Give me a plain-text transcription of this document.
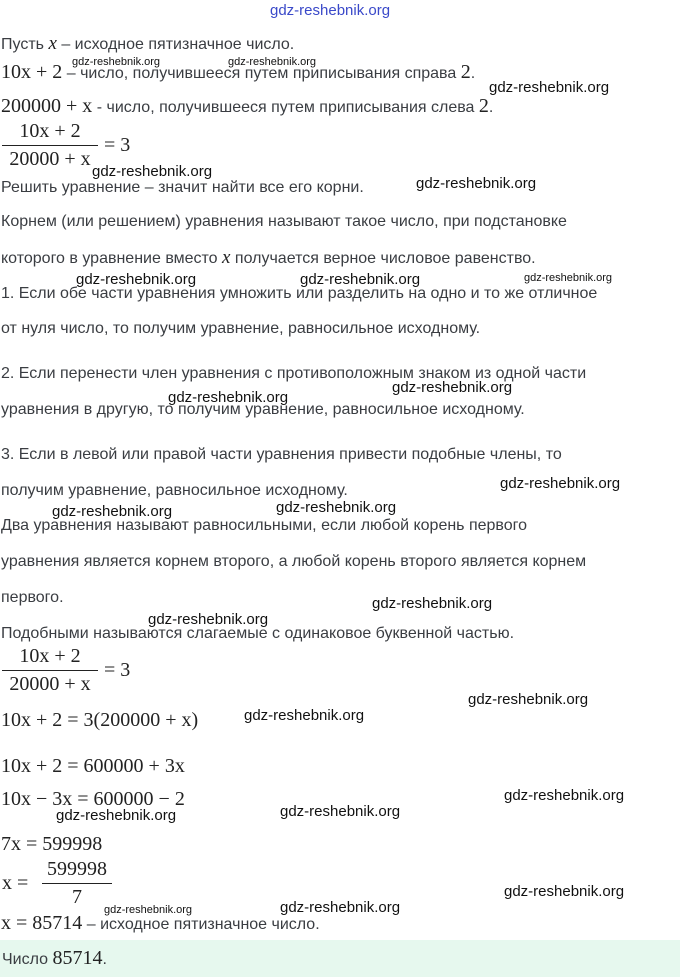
gdz-reshebnik.org
Пусть x – исходное пятизначное число.
10x + 2 – число, получившееся путем приписывания справа 2.
200000 + x - число, получившееся путем приписывания слева 2.
10x + 2
20000 + x
= 3
Решить уравнение – значит найти все его корни.
Корнем (или решением) уравнения называют такое число, при подстановке
которого в уравнение вместо x получается верное числовое равенство.
1. Если обе части уравнения умножить или разделить на одно и то же отличное
от нуля число, то получим уравнение, равносильное исходному.
2. Если перенести член уравнения с противоположным знаком из одной части
уравнения в другую, то получим уравнение, равносильное исходному.
3. Если в левой или правой части уравнения привести подобные члены, то
получим уравнение, равносильное исходному.
Два уравнения называют равносильными, если любой корень первого
уравнения является корнем второго, а любой корень второго является корнем
первого.
Подобными называются слагаемые с одинаковое буквенной частью.
10x + 2
20000 + x
= 3
10x + 2 = 3(200000 + x)
10x + 2 = 600000 + 3x
10x − 3x = 600000 − 2
7x = 599998
x =
599998
7
x = 85714 – исходное пятизначное число.
Число 85714.
gdz-reshebnik.org	gdz-reshebnik.org
gdz-reshebnik.org
gdz-reshebnik.org
gdz-reshebnik.org
gdz-reshebnik.org	gdz-reshebnik.org	gdz-reshebnik.org
gdz-reshebnik.org
gdz-reshebnik.org
gdz-reshebnik.org
gdz-reshebnik.org
gdz-reshebnik.org
gdz-reshebnik.org
gdz-reshebnik.org
gdz-reshebnik.org
gdz-reshebnik.org
gdz-reshebnik.org
gdz-reshebnik.org
gdz-reshebnik.org
gdz-reshebnik.org
gdz-reshebnik.org
gdz-reshebnik.org
